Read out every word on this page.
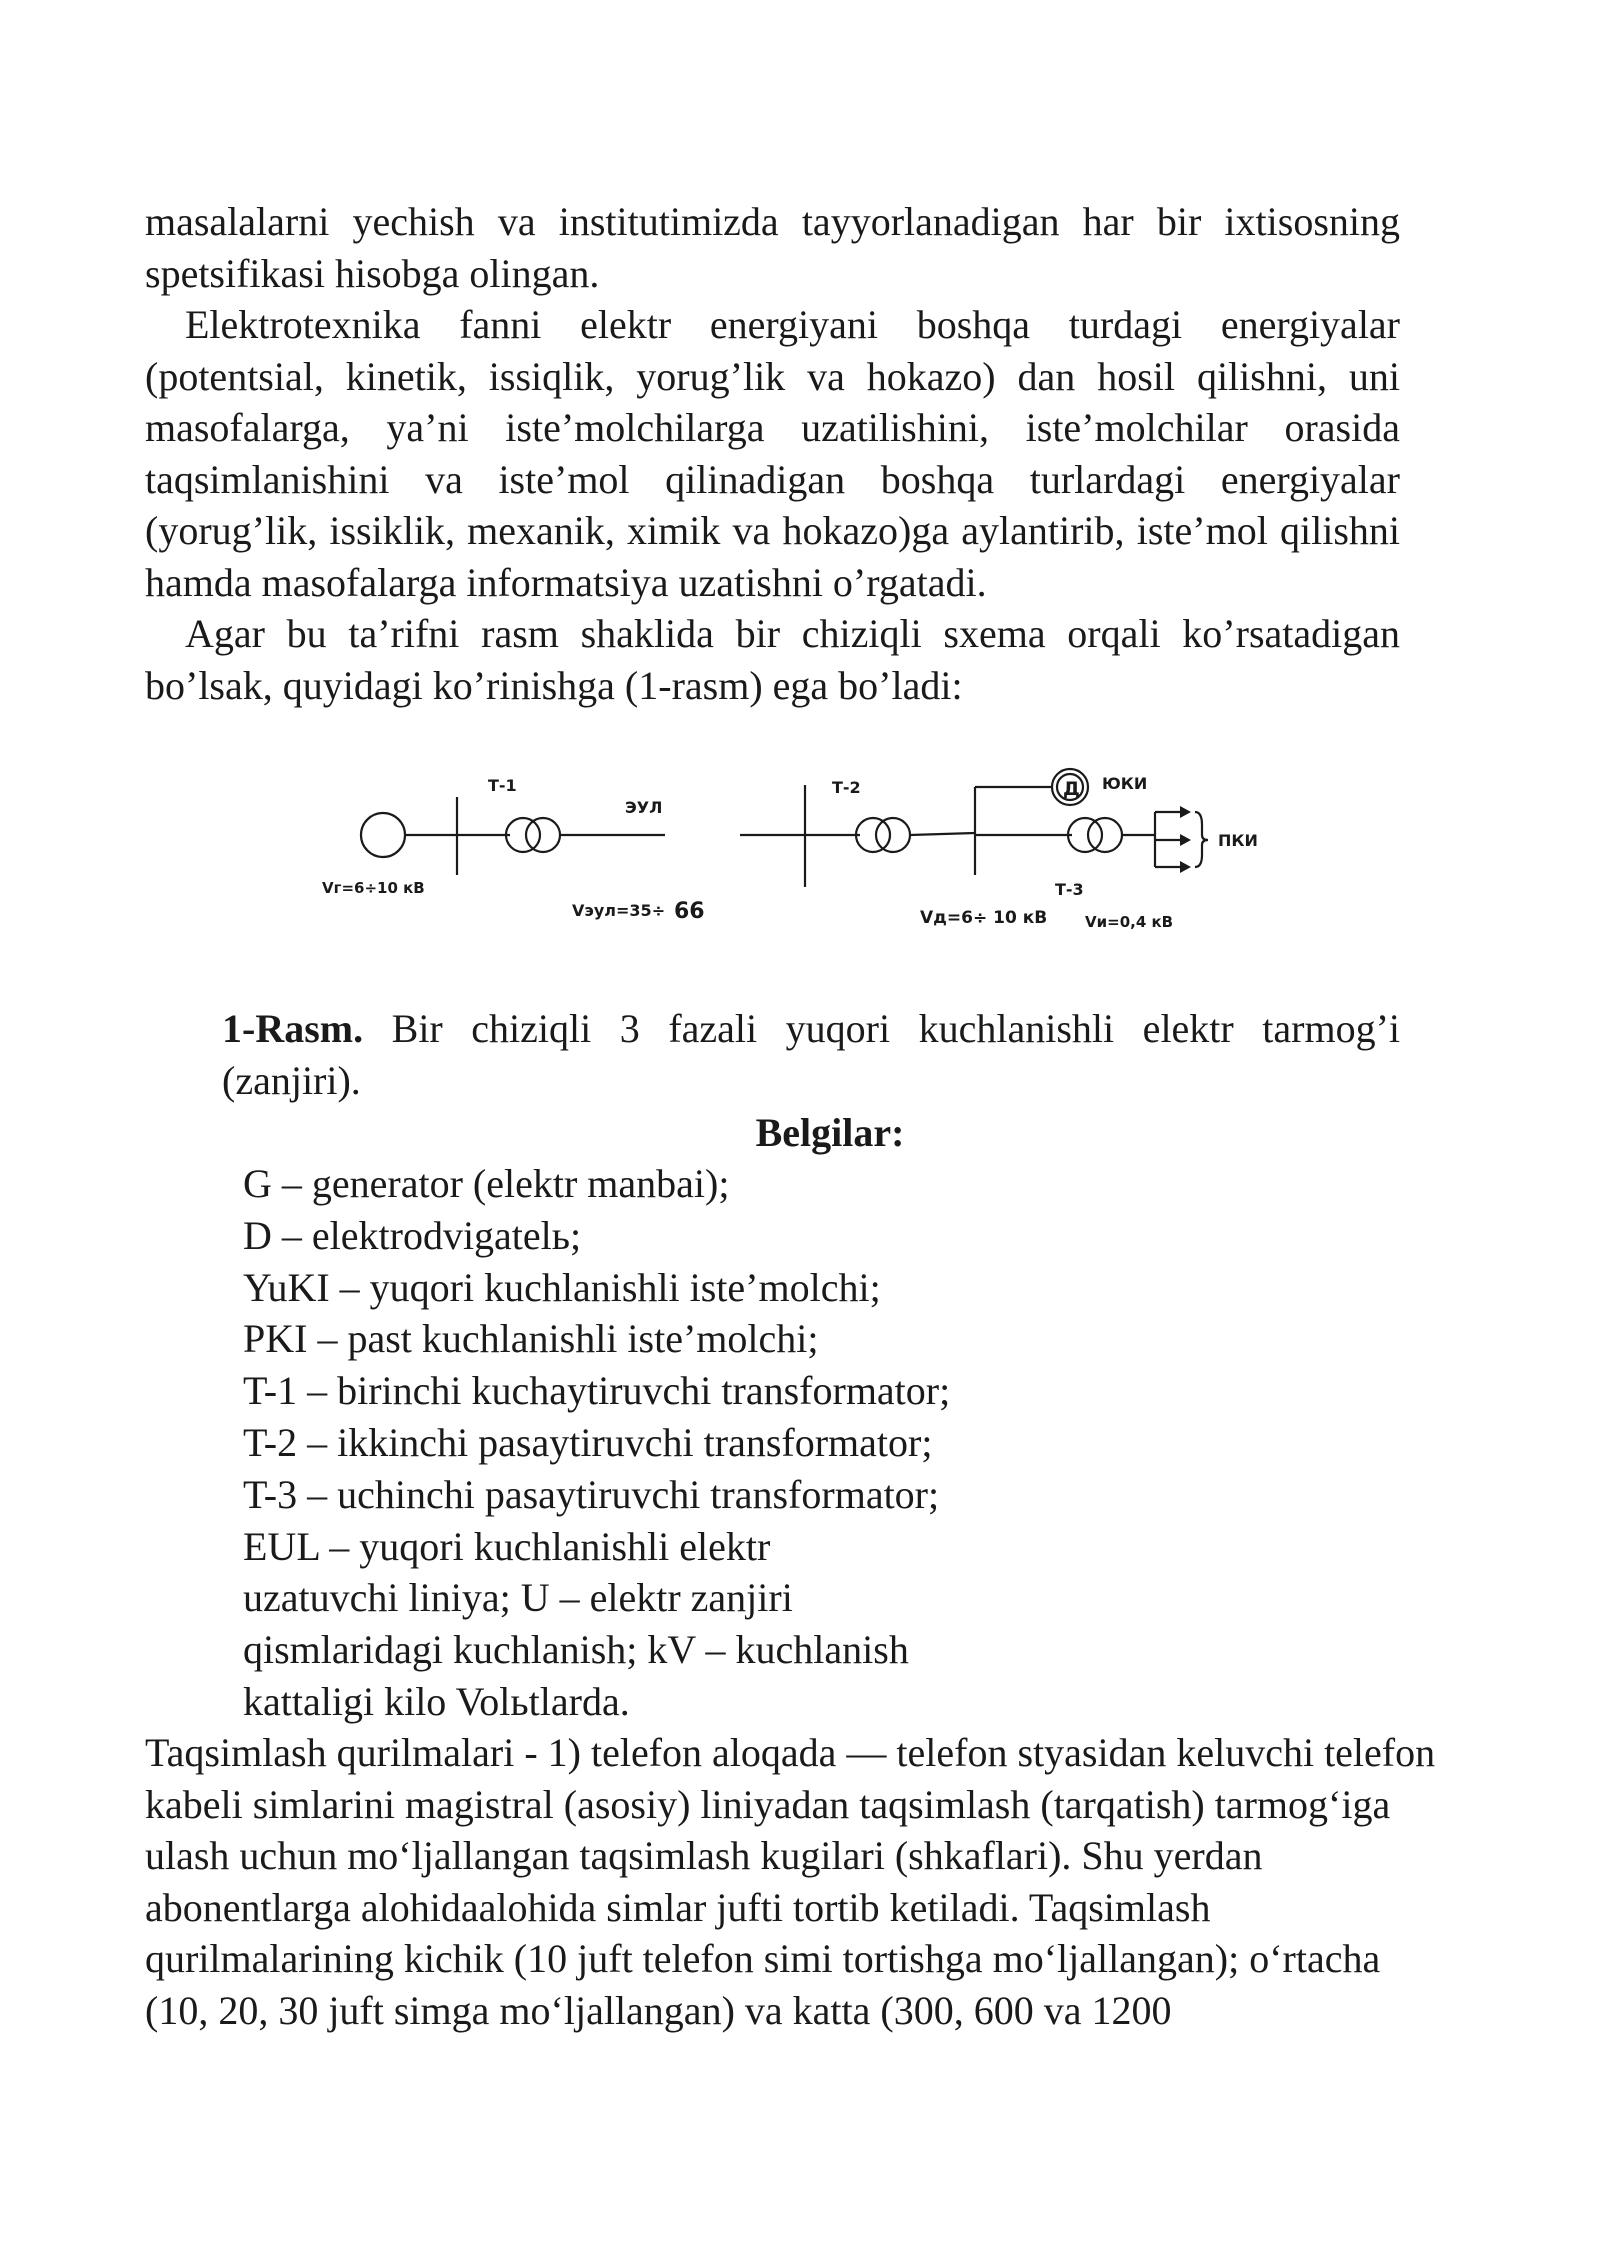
masalalarni yechish va institutimizda tayyorlanadigan har bir ixtisosning spetsifikasi hisobga olingan.

Elektrotexnika fanni elektr energiyani boshqa turdagi energiyalar (potentsial, kinetik, issiqlik, yorug’lik va hokazo) dan hosil qilishni, uni masofalarga, ya’ni iste’molchilarga uzatilishini, iste’molchilar orasida taqsimlanishini va iste’mol qilinadigan boshqa turlardagi energiyalar (yorug’lik, issiklik, mexanik, ximik va hokazo)ga aylantirib, iste’mol qilishni hamda masofalarga informatsiya uzatishni o’rgatadi.

Agar bu ta’rifni rasm shaklida bir chiziqli sxema orqali ko’rsatadigan bo’lsak, quyidagi ko’rinishga (1-rasm) ega bo’ladi:

Т-1
ЭУЛ
Т-2	Д ЮКИ
ПКИ
Т-3
Vг=6÷10 кВ
Vэул=35÷ 66	Vд=6÷ 10 кВ	Vи=0,4 кВ

1-Rasm. Bir chiziqli 3 fazali yuqori kuchlanishli elektr tarmog’i (zanjiri).

Belgilar:

G – generator (elektr manbai);
D – elektrodvigatelь;
YuKI – yuqori kuchlanishli iste’molchi;
PKI – past kuchlanishli iste’molchi;
T-1 – birinchi kuchaytiruvchi transformator;
T-2 – ikkinchi pasaytiruvchi transformator;
T-3 – uchinchi pasaytiruvchi transformator;
EUL – yuqori kuchlanishli elektr
uzatuvchi liniya; U – elektr zanjiri
qismlaridagi kuchlanish; kV – kuchlanish
kattaligi kilo Volьtlarda.

Taqsimlash qurilmalari - 1) telefon aloqada — telefon styasidan keluvchi telefon kabeli simlarini magistral (asosiy) liniyadan taqsimlash (tarqatish) tarmog‘iga ulash uchun mo‘ljallangan taqsimlash kugilari (shkaflari). Shu yerdan abonentlarga alohidaalohida simlar jufti tortib ketiladi. Taqsimlash qurilmalarining kichik (10 juft telefon simi tortishga mo‘ljallangan); o‘rtacha (10, 20, 30 juft simga mo‘ljallangan) va katta (300, 600 va 1200
